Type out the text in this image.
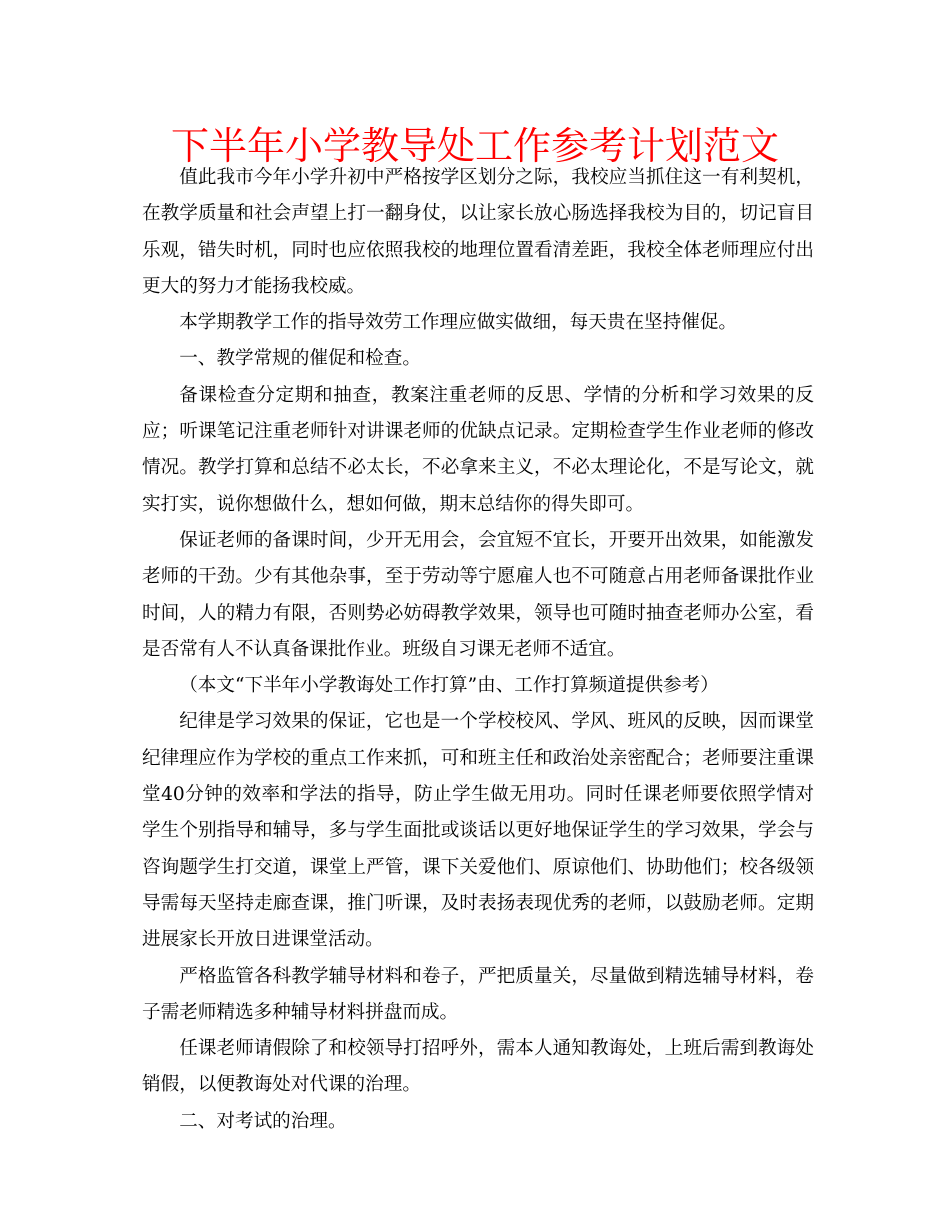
下半年小学教导处工作参考计划范文

值此我市今年小学升初中严格按学区划分之际，我校应当抓住这一有利契机，在教学质量和社会声望上打一翻身仗，以让家长放心肠选择我校为目的，切记盲目乐观，错失时机，同时也应依照我校的地理位置看清差距，我校全体老师理应付出更大的努力才能扬我校威。

本学期教学工作的指导效劳工作理应做实做细，每天贵在坚持催促。

一、教学常规的催促和检查。

备课检查分定期和抽查，教案注重老师的反思、学情的分析和学习效果的反应；听课笔记注重老师针对讲课老师的优缺点记录。定期检查学生作业老师的修改情况。教学打算和总结不必太长，不必拿来主义，不必太理论化，不是写论文，就实打实，说你想做什么，想如何做，期末总结你的得失即可。

保证老师的备课时间，少开无用会，会宜短不宜长，开要开出效果，如能激发老师的干劲。少有其他杂事，至于劳动等宁愿雇人也不可随意占用老师备课批作业时间，人的精力有限，否则势必妨碍教学效果，领导也可随时抽查老师办公室，看是否常有人不认真备课批作业。班级自习课无老师不适宜。

（本文“下半年小学教诲处工作打算”由、工作打算频道提供参考）

纪律是学习效果的保证，它也是一个学校校风、学风、班风的反映，因而课堂纪律理应作为学校的重点工作来抓，可和班主任和政治处亲密配合；老师要注重课堂40分钟的效率和学法的指导，防止学生做无用功。同时任课老师要依照学情对学生个别指导和辅导，多与学生面批或谈话以更好地保证学生的学习效果，学会与咨询题学生打交道，课堂上严管，课下关爱他们、原谅他们、协助他们；校各级领导需每天坚持走廊查课，推门听课，及时表扬表现优秀的老师，以鼓励老师。定期进展家长开放日进课堂活动。

严格监管各科教学辅导材料和卷子，严把质量关，尽量做到精选辅导材料，卷子需老师精选多种辅导材料拼盘而成。

任课老师请假除了和校领导打招呼外，需本人通知教诲处，上班后需到教诲处销假，以便教诲处对代课的治理。

二、对考试的治理。
